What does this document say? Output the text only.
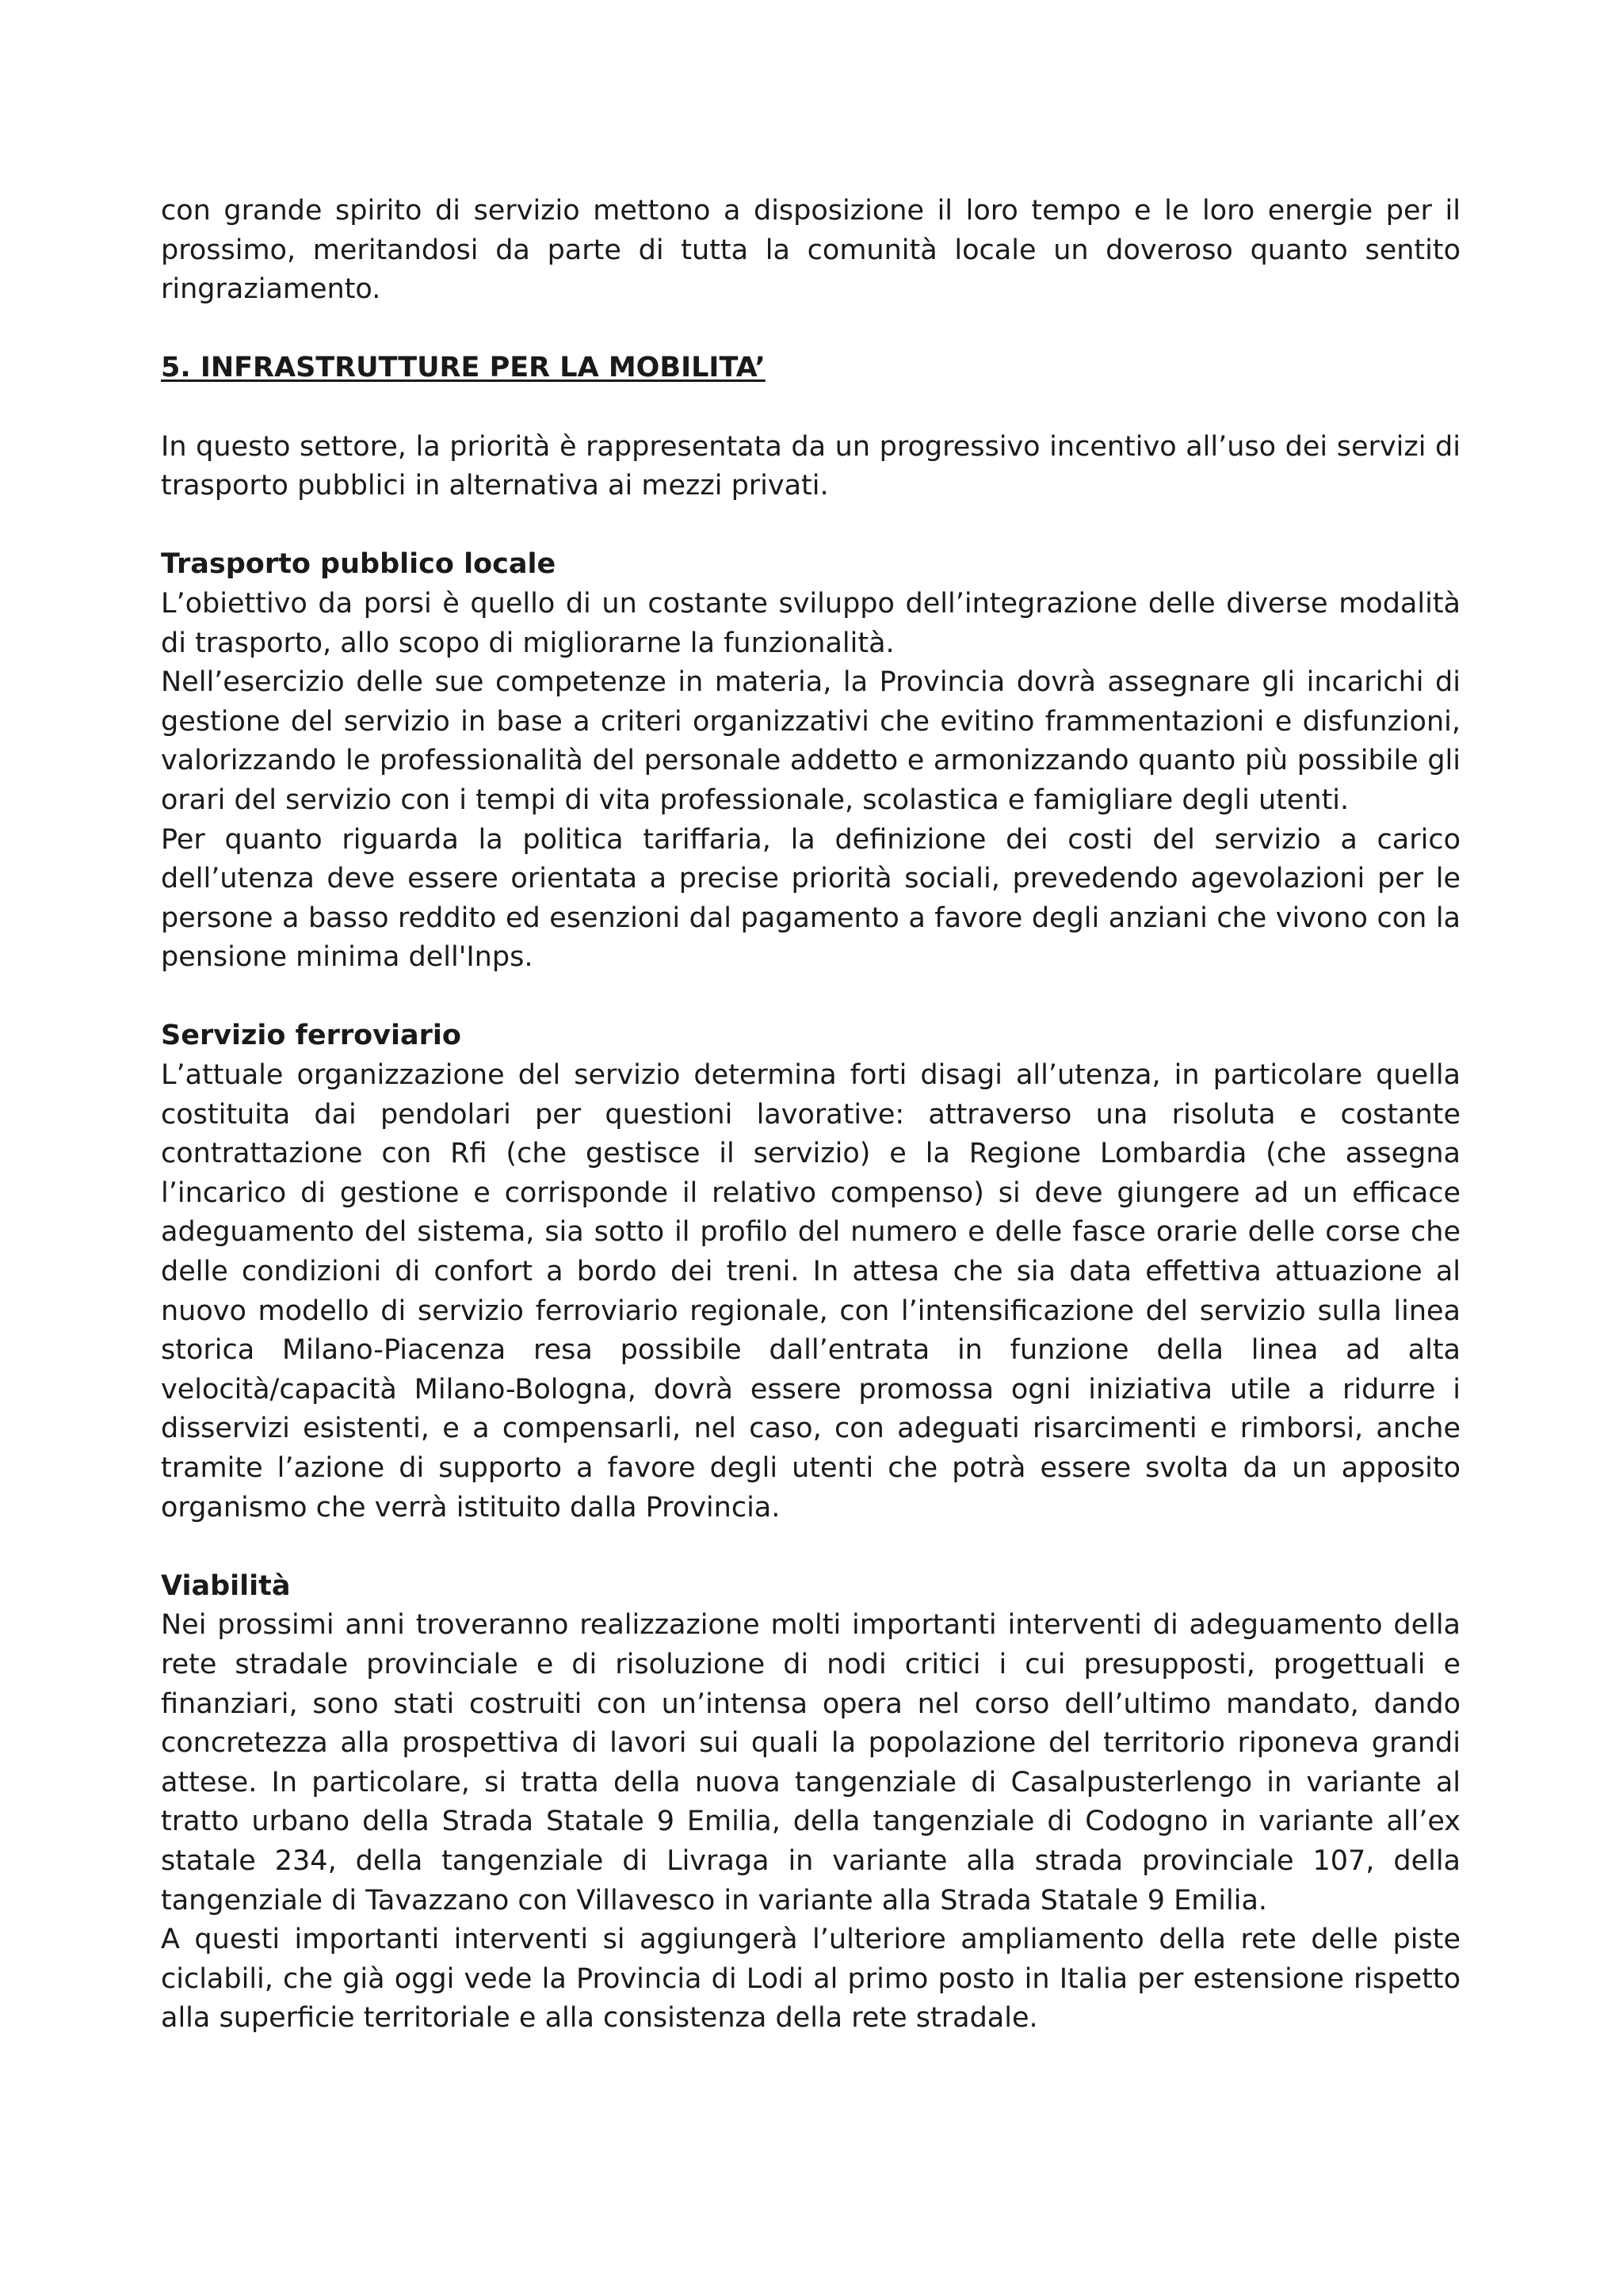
con grande spirito di servizio mettono a disposizione il loro tempo e le loro energie per il prossimo, meritandosi da parte di tutta la comunità locale un doveroso quanto sentito ringraziamento.

5. INFRASTRUTTURE PER LA MOBILITA’

In questo settore, la priorità è rappresentata da un progressivo incentivo all’uso dei servizi di trasporto pubblici in alternativa ai mezzi privati.

Trasporto pubblico locale

L’obiettivo da porsi è quello di un costante sviluppo dell’integrazione delle diverse modalità di trasporto, allo scopo di migliorarne la funzionalità.

Nell’esercizio delle sue competenze in materia, la Provincia dovrà assegnare gli incarichi di gestione del servizio in base a criteri organizzativi che evitino frammentazioni e disfunzioni, valorizzando le professionalità del personale addetto e armonizzando quanto più possibile gli orari del servizio con i tempi di vita professionale, scolastica e famigliare degli utenti.

Per quanto riguarda la politica tariffaria, la definizione dei costi del servizio a carico dell’utenza deve essere orientata a precise priorità sociali, prevedendo agevolazioni per le persone a basso reddito ed esenzioni dal pagamento a favore degli anziani che vivono con la pensione minima dell'Inps.

Servizio ferroviario

L’attuale organizzazione del servizio determina forti disagi all’utenza, in particolare quella costituita dai pendolari per questioni lavorative: attraverso una risoluta e costante contrattazione con Rfi (che gestisce il servizio) e la Regione Lombardia (che assegna l’incarico di gestione e corrisponde il relativo compenso) si deve giungere ad un efficace adeguamento del sistema, sia sotto il profilo del numero e delle fasce orarie delle corse che delle condizioni di confort a bordo dei treni. In attesa che sia data effettiva attuazione al nuovo modello di servizio ferroviario regionale, con l’intensificazione del servizio sulla linea storica Milano-Piacenza resa possibile dall’entrata in funzione della linea ad alta velocità/capacità Milano-Bologna, dovrà essere promossa ogni iniziativa utile a ridurre i disservizi esistenti, e a compensarli, nel caso, con adeguati risarcimenti e rimborsi, anche tramite l’azione di supporto a favore degli utenti che potrà essere svolta da un apposito organismo che verrà istituito dalla Provincia.

Viabilità

Nei prossimi anni troveranno realizzazione molti importanti interventi di adeguamento della rete stradale provinciale e di risoluzione di nodi critici i cui presupposti, progettuali e finanziari, sono stati costruiti con un’intensa opera nel corso dell’ultimo mandato, dando concretezza alla prospettiva di lavori sui quali la popolazione del territorio riponeva grandi attese. In particolare, si tratta della nuova tangenziale di Casalpusterlengo in variante al tratto urbano della Strada Statale 9 Emilia, della tangenziale di Codogno in variante all’ex statale 234, della tangenziale di Livraga in variante alla strada provinciale 107, della tangenziale di Tavazzano con Villavesco in variante alla Strada Statale 9 Emilia.

A questi importanti interventi si aggiungerà l’ulteriore ampliamento della rete delle piste ciclabili, che già oggi vede la Provincia di Lodi al primo posto in Italia per estensione rispetto alla superficie territoriale e alla consistenza della rete stradale.
